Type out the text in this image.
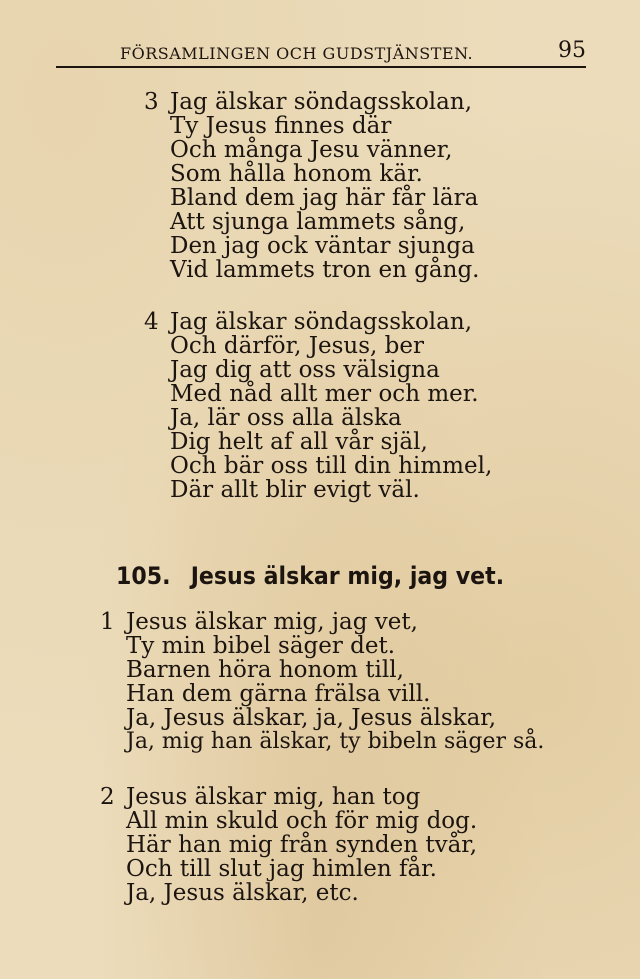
FÖRSAMLINGEN OCH GUDSTJÄNSTEN.	95
3 Jag älskar söndagsskolan,
Ty Jesus finnes där
Och många Jesu vänner,
Som hålla honom kär.
Bland dem jag här får lära
Att sjunga lammets sång,
Den jag ock väntar sjunga
Vid lammets tron en gång.
4 Jag älskar söndagsskolan,
Och därför, Jesus, ber
Jag dig att oss välsigna
Med nåd allt mer och mer.
Ja, lär oss alla älska
Dig helt af all vår själ,
Och bär oss till din himmel,
Där allt blir evigt väl.
105. Jesus älskar mig, jag vet.
1 Jesus älskar mig, jag vet,
Ty min bibel säger det.
Barnen höra honom till,
Han dem gärna frälsa vill.
Ja, Jesus älskar, ja, Jesus älskar,
Ja, mig han älskar, ty bibeln säger så.
2 Jesus älskar mig, han tog
All min skuld och för mig dog.
Här han mig från synden tvår,
Och till slut jag himlen får.
Ja, Jesus älskar, etc.
